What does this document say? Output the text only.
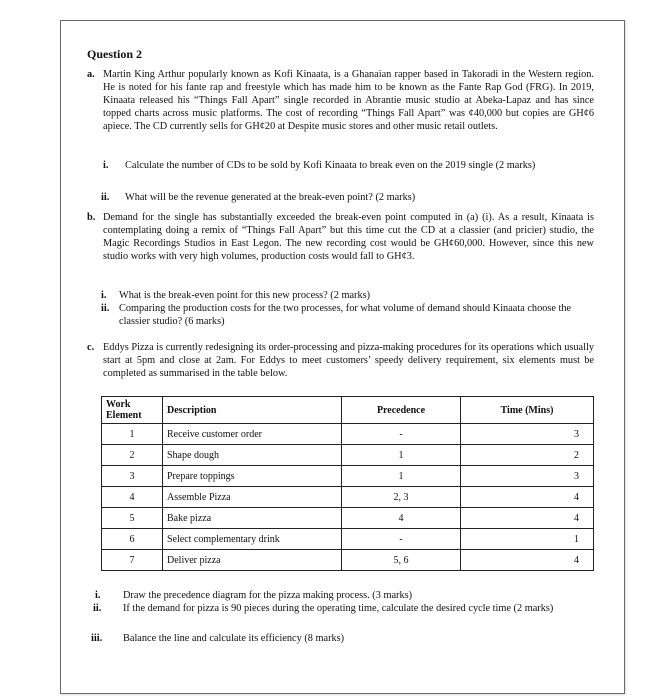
Question 2
a. Martin King Arthur popularly known as Kofi Kinaata, is a Ghanaian rapper based in Takoradi in the Western region. He is noted for his fante rap and freestyle which has made him to be known as the Fante Rap God (FRG). In 2019, Kinaata released his “Things Fall Apart” single recorded in Abrantie music studio at Abeka-Lapaz and has since topped charts across music platforms. The cost of recording “Things Fall Apart” was ¢40,000 but copies are GH¢6 apiece. The CD currently sells for GH¢20 at Despite music stores and other music retail outlets.
i. Calculate the number of CDs to be sold by Kofi Kinaata to break even on the 2019 single (2 marks)
ii. What will be the revenue generated at the break-even point? (2 marks)
b. Demand for the single has substantially exceeded the break-even point computed in (a) (i). As a result, Kinaata is contemplating doing a remix of “Things Fall Apart” but this time cut the CD at a classier (and pricier) studio, the Magic Recordings Studios in East Legon. The new recording cost would be GH¢60,000. However, since this new studio works with very high volumes, production costs would fall to GH¢3.
i. What is the break-even point for this new process? (2 marks)
ii. Comparing the production costs for the two processes, for what volume of demand should Kinaata choose the classier studio? (6 marks)
c. Eddys Pizza is currently redesigning its order-processing and pizza-making procedures for its operations which usually start at 5pm and close at 2am. For Eddys to meet customers’ speedy delivery requirement, six elements must be completed as summarised in the table below.
Work Element	Description	Precedence	Time (Mins)
1	Receive customer order	-	3
2	Shape dough	1	2
3	Prepare toppings	1	3
4	Assemble Pizza	2, 3	4
5	Bake pizza	4	4
6	Select complementary drink	-	1
7	Deliver pizza	5, 6	4
i. Draw the precedence diagram for the pizza making process. (3 marks)
ii. If the demand for pizza is 90 pieces during the operating time, calculate the desired cycle time (2 marks)
iii. Balance the line and calculate its efficiency (8 marks)
